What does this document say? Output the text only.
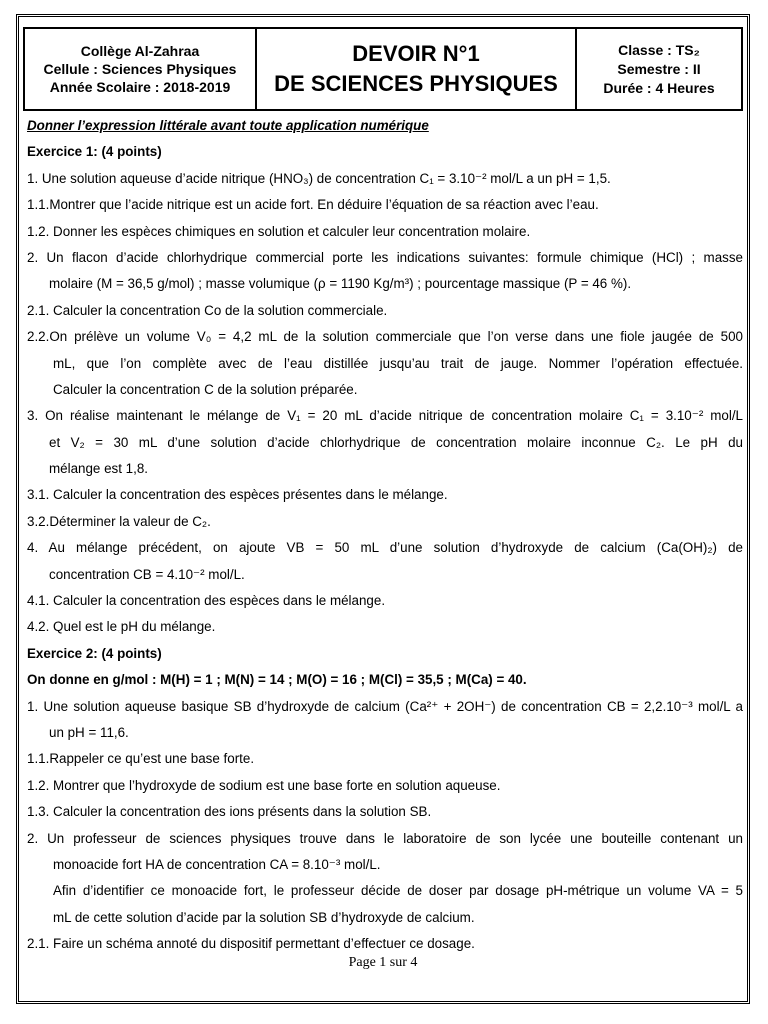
Collège Al-Zahraa
Cellule : Sciences Physiques
Année Scolaire : 2018-2019
DEVOIR N°1
DE SCIENCES PHYSIQUES
Classe : TS₂
Semestre : II
Durée : 4 Heures
Donner l’expression littérale avant toute application numérique
Exercice 1: (4 points)
1. Une solution aqueuse d’acide nitrique (HNO₃) de concentration C₁ = 3.10⁻² mol/L a un pH = 1,5.
1.1.Montrer que l’acide nitrique est un acide fort. En déduire l’équation de sa réaction avec l’eau.
1.2. Donner les espèces chimiques en solution et calculer leur concentration molaire.
2. Un flacon d’acide chlorhydrique commercial porte les indications suivantes: formule chimique (HCl) ; masse
molaire (M = 36,5 g/mol) ; masse volumique (ρ = 1190 Kg/m³) ; pourcentage massique (P = 46 %).
2.1. Calculer la concentration Co de la solution commerciale.
2.2.On prélève un volume V₀ = 4,2 mL de la solution commerciale que l’on verse dans une fiole jaugée de 500
mL, que l’on complète avec de l’eau distillée jusqu’au trait de jauge. Nommer l’opération effectuée.
Calculer la concentration C de la solution préparée.
3. On réalise maintenant le mélange de V₁ = 20 mL d’acide nitrique de concentration molaire C₁ = 3.10⁻² mol/L
et V₂ = 30 mL d’une solution d’acide chlorhydrique de concentration molaire inconnue C₂. Le pH du
mélange est 1,8.
3.1. Calculer la concentration des espèces présentes dans le mélange.
3.2.Déterminer la valeur de C₂.
4. Au mélange précédent, on ajoute VB = 50 mL d’une solution d’hydroxyde de calcium (Ca(OH)₂) de
concentration CB = 4.10⁻² mol/L.
4.1. Calculer la concentration des espèces dans le mélange.
4.2. Quel est le pH du mélange.
Exercice 2: (4 points)
On donne en g/mol : M(H) = 1 ; M(N) = 14 ; M(O) = 16 ; M(Cl) = 35,5 ; M(Ca) = 40.
1. Une solution aqueuse basique SB d’hydroxyde de calcium (Ca²⁺ + 2OH⁻) de concentration CB = 2,2.10⁻³ mol/L a
un pH = 11,6.
1.1.Rappeler ce qu’est une base forte.
1.2. Montrer que l’hydroxyde de sodium est une base forte en solution aqueuse.
1.3. Calculer la concentration des ions présents dans la solution SB.
2. Un professeur de sciences physiques trouve dans le laboratoire de son lycée une bouteille contenant un
monoacide fort HA de concentration CA = 8.10⁻³ mol/L.
Afin d’identifier ce monoacide fort, le professeur décide de doser par dosage pH-métrique un volume VA = 5
mL de cette solution d’acide par la solution SB d’hydroxyde de calcium.
2.1. Faire un schéma annoté du dispositif permettant d’effectuer ce dosage.
Page 1 sur 4
